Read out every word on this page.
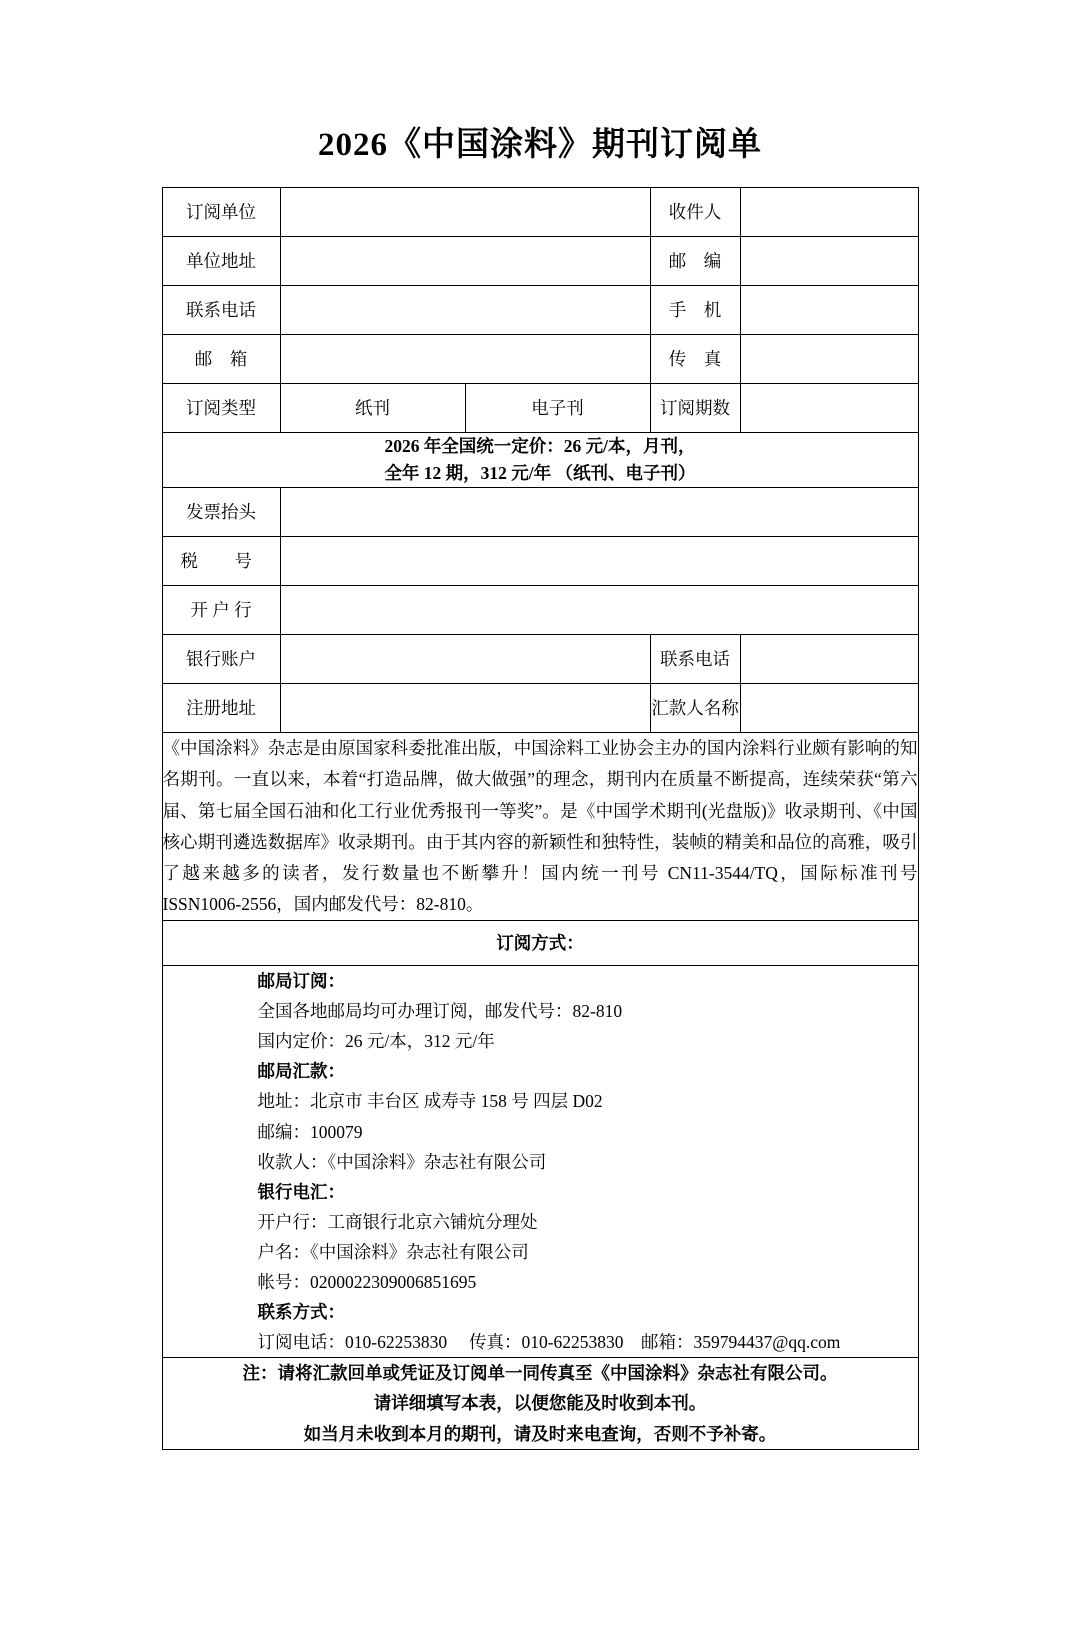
2026《中国涂料》期刊订阅单
订阅单位			收件人	
单位地址			邮　编	
联系电话			手　机	
邮　箱			传　真	
订阅类型	纸刊	电子刊	订阅期数	

2026 年全国统一定价：26 元/本，月刊，
全年 12 期，312 元/年 （纸刊、电子刊）				

发票抬头				
税　号				
开 户 行				
银行账户			联系电话	
注册地址			汇款人名称	
《中国涂料》杂志是由原国家科委批准出版，中国涂料工业协会主办的国内涂料行业颇有影响的知名期刊。一直以来，本着“打造品牌，做大做强”的理念，期刊内在质量不断提高，连续荣获“第六届、第七届全国石油和化工行业优秀报刊一等奖”。是《中国学术期刊(光盘版)》收录期刊、《中国核心期刊遴选数据库》收录期刊。由于其内容的新颖性和独特性，装帧的精美和品位的高雅，吸引了越来越多的读者，发行数量也不断攀升！国内统一刊号 CN11-3544/TQ，国际标准刊号 ISSN1006-2556，国内邮发代号：82-810。				
订阅方式：				

邮局订阅：
全国各地邮局均可办理订阅，邮发代号：82-810
国内定价：26 元/本，312 元/年
邮局汇款：
地址：北京市 丰台区 成寿寺 158 号 四层 D02
邮编：100079
收款人：《中国涂料》杂志社有限公司
银行电汇：
开户行：工商银行北京六铺炕分理处
户名：《中国涂料》杂志社有限公司
帐号：0200022309006851695
联系方式：
订阅电话：010-62253830　 传真：010-62253830　邮箱：359794437@qq.com

注：请将汇款回单或凭证及订阅单一同传真至《中国涂料》杂志社有限公司。
请详细填写本表，以便您能及时收到本刊。
如当月未收到本月的期刊，请及时来电查询，否则不予补寄。				
